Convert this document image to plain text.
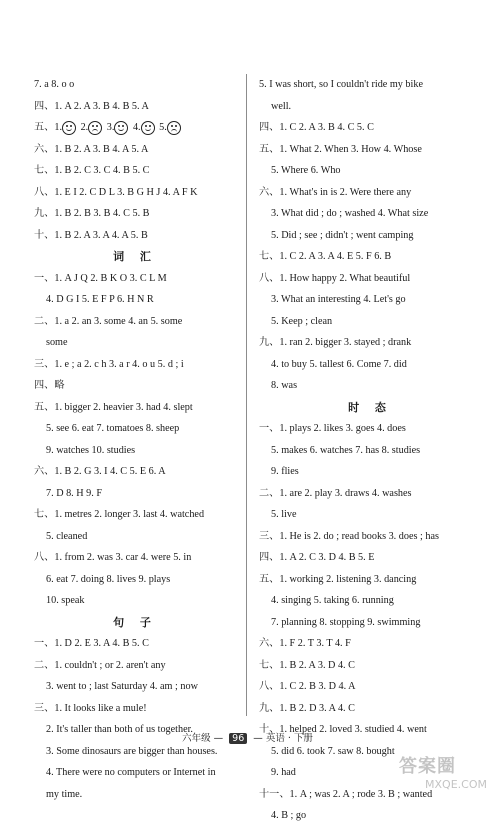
7. a 8. o o
四、1. A 2. A 3. B 4. B 5. A
五、1.
2.
3.
4.
5.
六、1. B 2. A 3. B 4. A 5. A
七、1. B 2. C 3. C 4. B 5. C
八、1. E I 2. C D L 3. B G H J 4. A F K
九、1. B 2. B 3. B 4. C 5. B
十、1. B 2. A 3. A 4. A 5. B
词 汇
一、1. A J Q 2. B K O 3. C L M
4. D G I 5. E F P 6. H N R
二、1. a 2. an 3. some 4. an 5. some
some
三、1. e ; a 2. c h 3. a r 4. o u 5. d ; i
四、略
五、1. bigger 2. heavier 3. had 4. slept
5. see 6. eat 7. tomatoes 8. sheep
9. watches 10. studies
六、1. B 2. G 3. I 4. C 5. E 6. A
7. D 8. H 9. F
七、1. metres 2. longer 3. last 4. watched
5. cleaned
八、1. from 2. was 3. car 4. were 5. in
6. eat 7. doing 8. lives 9. plays
10. speak
句 子
一、1. D 2. E 3. A 4. B 5. C
二、1. couldn't ; or 2. aren't any
3. went to ; last Saturday 4. am ; now
三、1. It looks like a mule!
2. It's taller than both of us together.
3. Some dinosaurs are bigger than houses.
4. There were no computers or Internet in
my time.
5. I was short, so I couldn't ride my bike
well.
四、1. C 2. A 3. B 4. C 5. C
五、1. What 2. When 3. How 4. Whose
5. Where 6. Who
六、1. What's in is 2. Were there any
3. What did ; do ; washed 4. What size
5. Did ; see ; didn't ; went camping
七、1. C 2. A 3. A 4. E 5. F 6. B
八、1. How happy 2. What beautiful
3. What an interesting 4. Let's go
5. Keep ; clean
九、1. ran 2. bigger 3. stayed ; drank
4. to buy 5. tallest 6. Come 7. did
8. was
时 态
一、1. plays 2. likes 3. goes 4. does
5. makes 6. watches 7. has 8. studies
9. flies
二、1. are 2. play 3. draws 4. washes
5. live
三、1. He is 2. do ; read books 3. does ; has
四、1. A 2. C 3. D 4. B 5. E
五、1. working 2. listening 3. dancing
4. singing 5. taking 6. running
7. planning 8. stopping 9. swimming
六、1. F 2. T 3. T 4. F
七、1. B 2. A 3. D 4. C
八、1. C 2. B 3. D 4. A
九、1. B 2. D 3. A 4. C
十、1. helped 2. loved 3. studied 4. went
5. did 6. took 7. saw 8. bought
9. had
十一、1. A ; was 2. A ; rode 3. B ; wanted
4. B ; go
六年级 — 96 — 英语 · 下册
答案圈
MXQE.COM
